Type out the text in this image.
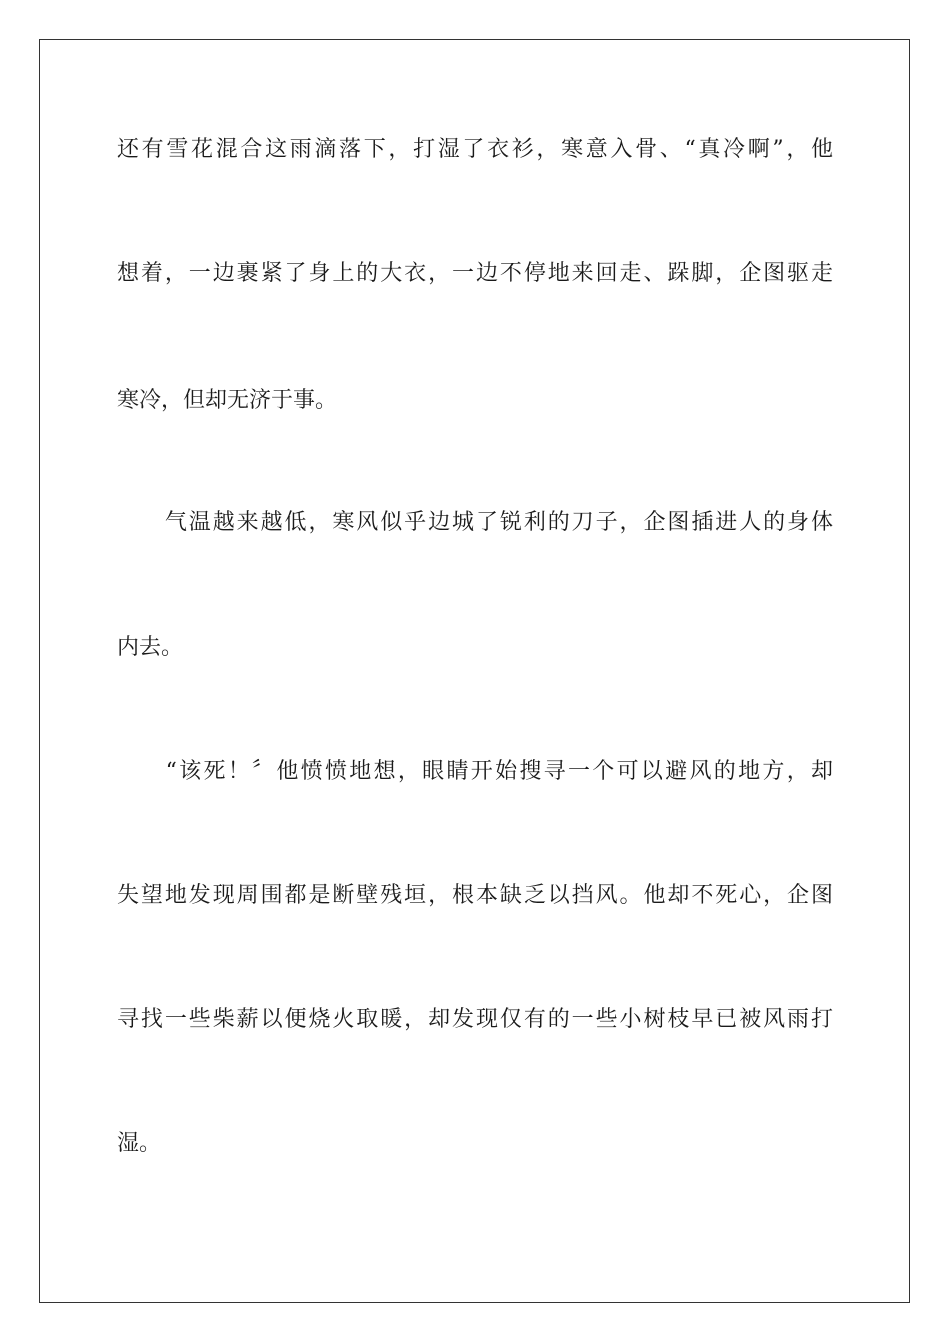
还有雪花混合这雨滴落下，打湿了衣衫，寒意入骨、“真冷啊”，他
想着，一边裹紧了身上的大衣，一边不停地来回走、跺脚，企图驱走
寒冷，但却无济于事。
　　气温越来越低，寒风似乎边城了锐利的刀子，企图插进人的身体
内去。
　　“该死！〞他愤愤地想，眼睛开始搜寻一个可以避风的地方，却
失望地发现周围都是断壁残垣，根本缺乏以挡风。他却不死心，企图
寻找一些柴薪以便烧火取暖，却发现仅有的一些小树枝早已被风雨打
湿。
